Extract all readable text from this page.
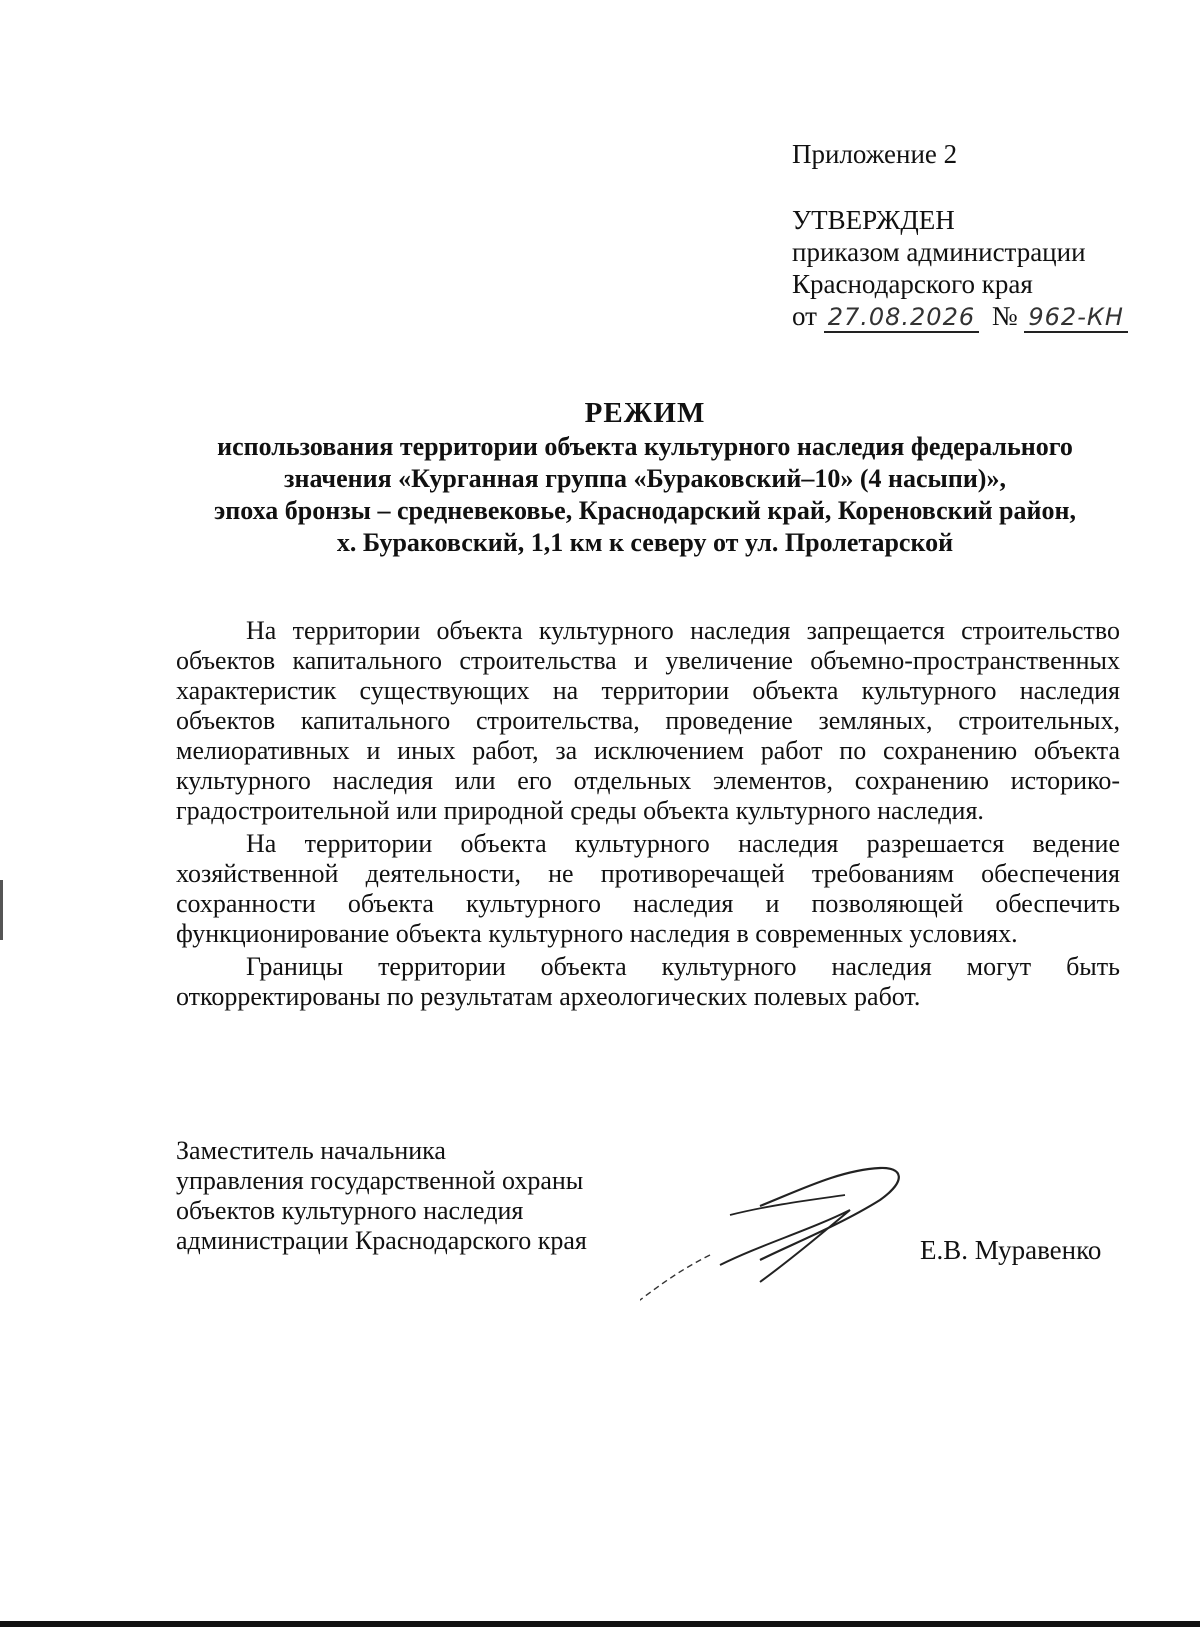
Приложение 2
УТВЕРЖДЕН
приказом администрации
Краснодарского края
от 27.08.2026 № 962-КН
РЕЖИМ
использования территории объекта культурного наследия федерального
значения «Курганная группа «Бураковский–10» (4 насыпи)»,
эпоха бронзы – средневековье, Краснодарский край, Кореновский район,
х. Бураковский, 1,1 км к северу от ул. Пролетарской

На территории объекта культурного наследия запрещается строительство объектов капитального строительства и увеличение объемно-пространственных характеристик существующих на территории объекта культурного наследия объектов капитального строительства, проведение земляных, строительных, мелиоративных и иных работ, за исключением работ по сохранению объекта культурного наследия или его отдельных элементов, сохранению историко-градостроительной или природной среды объекта культурного наследия.

На территории объекта культурного наследия разрешается ведение хозяйственной деятельности, не противоречащей требованиям обеспечения сохранности объекта культурного наследия и позволяющей обеспечить функционирование объекта культурного наследия в современных условиях.

Границы территории объекта культурного наследия могут быть откорректированы по результатам археологических полевых работ.

Заместитель начальника
управления государственной охраны
объектов культурного наследия
администрации Краснодарского края	Е.В. Муравенко
